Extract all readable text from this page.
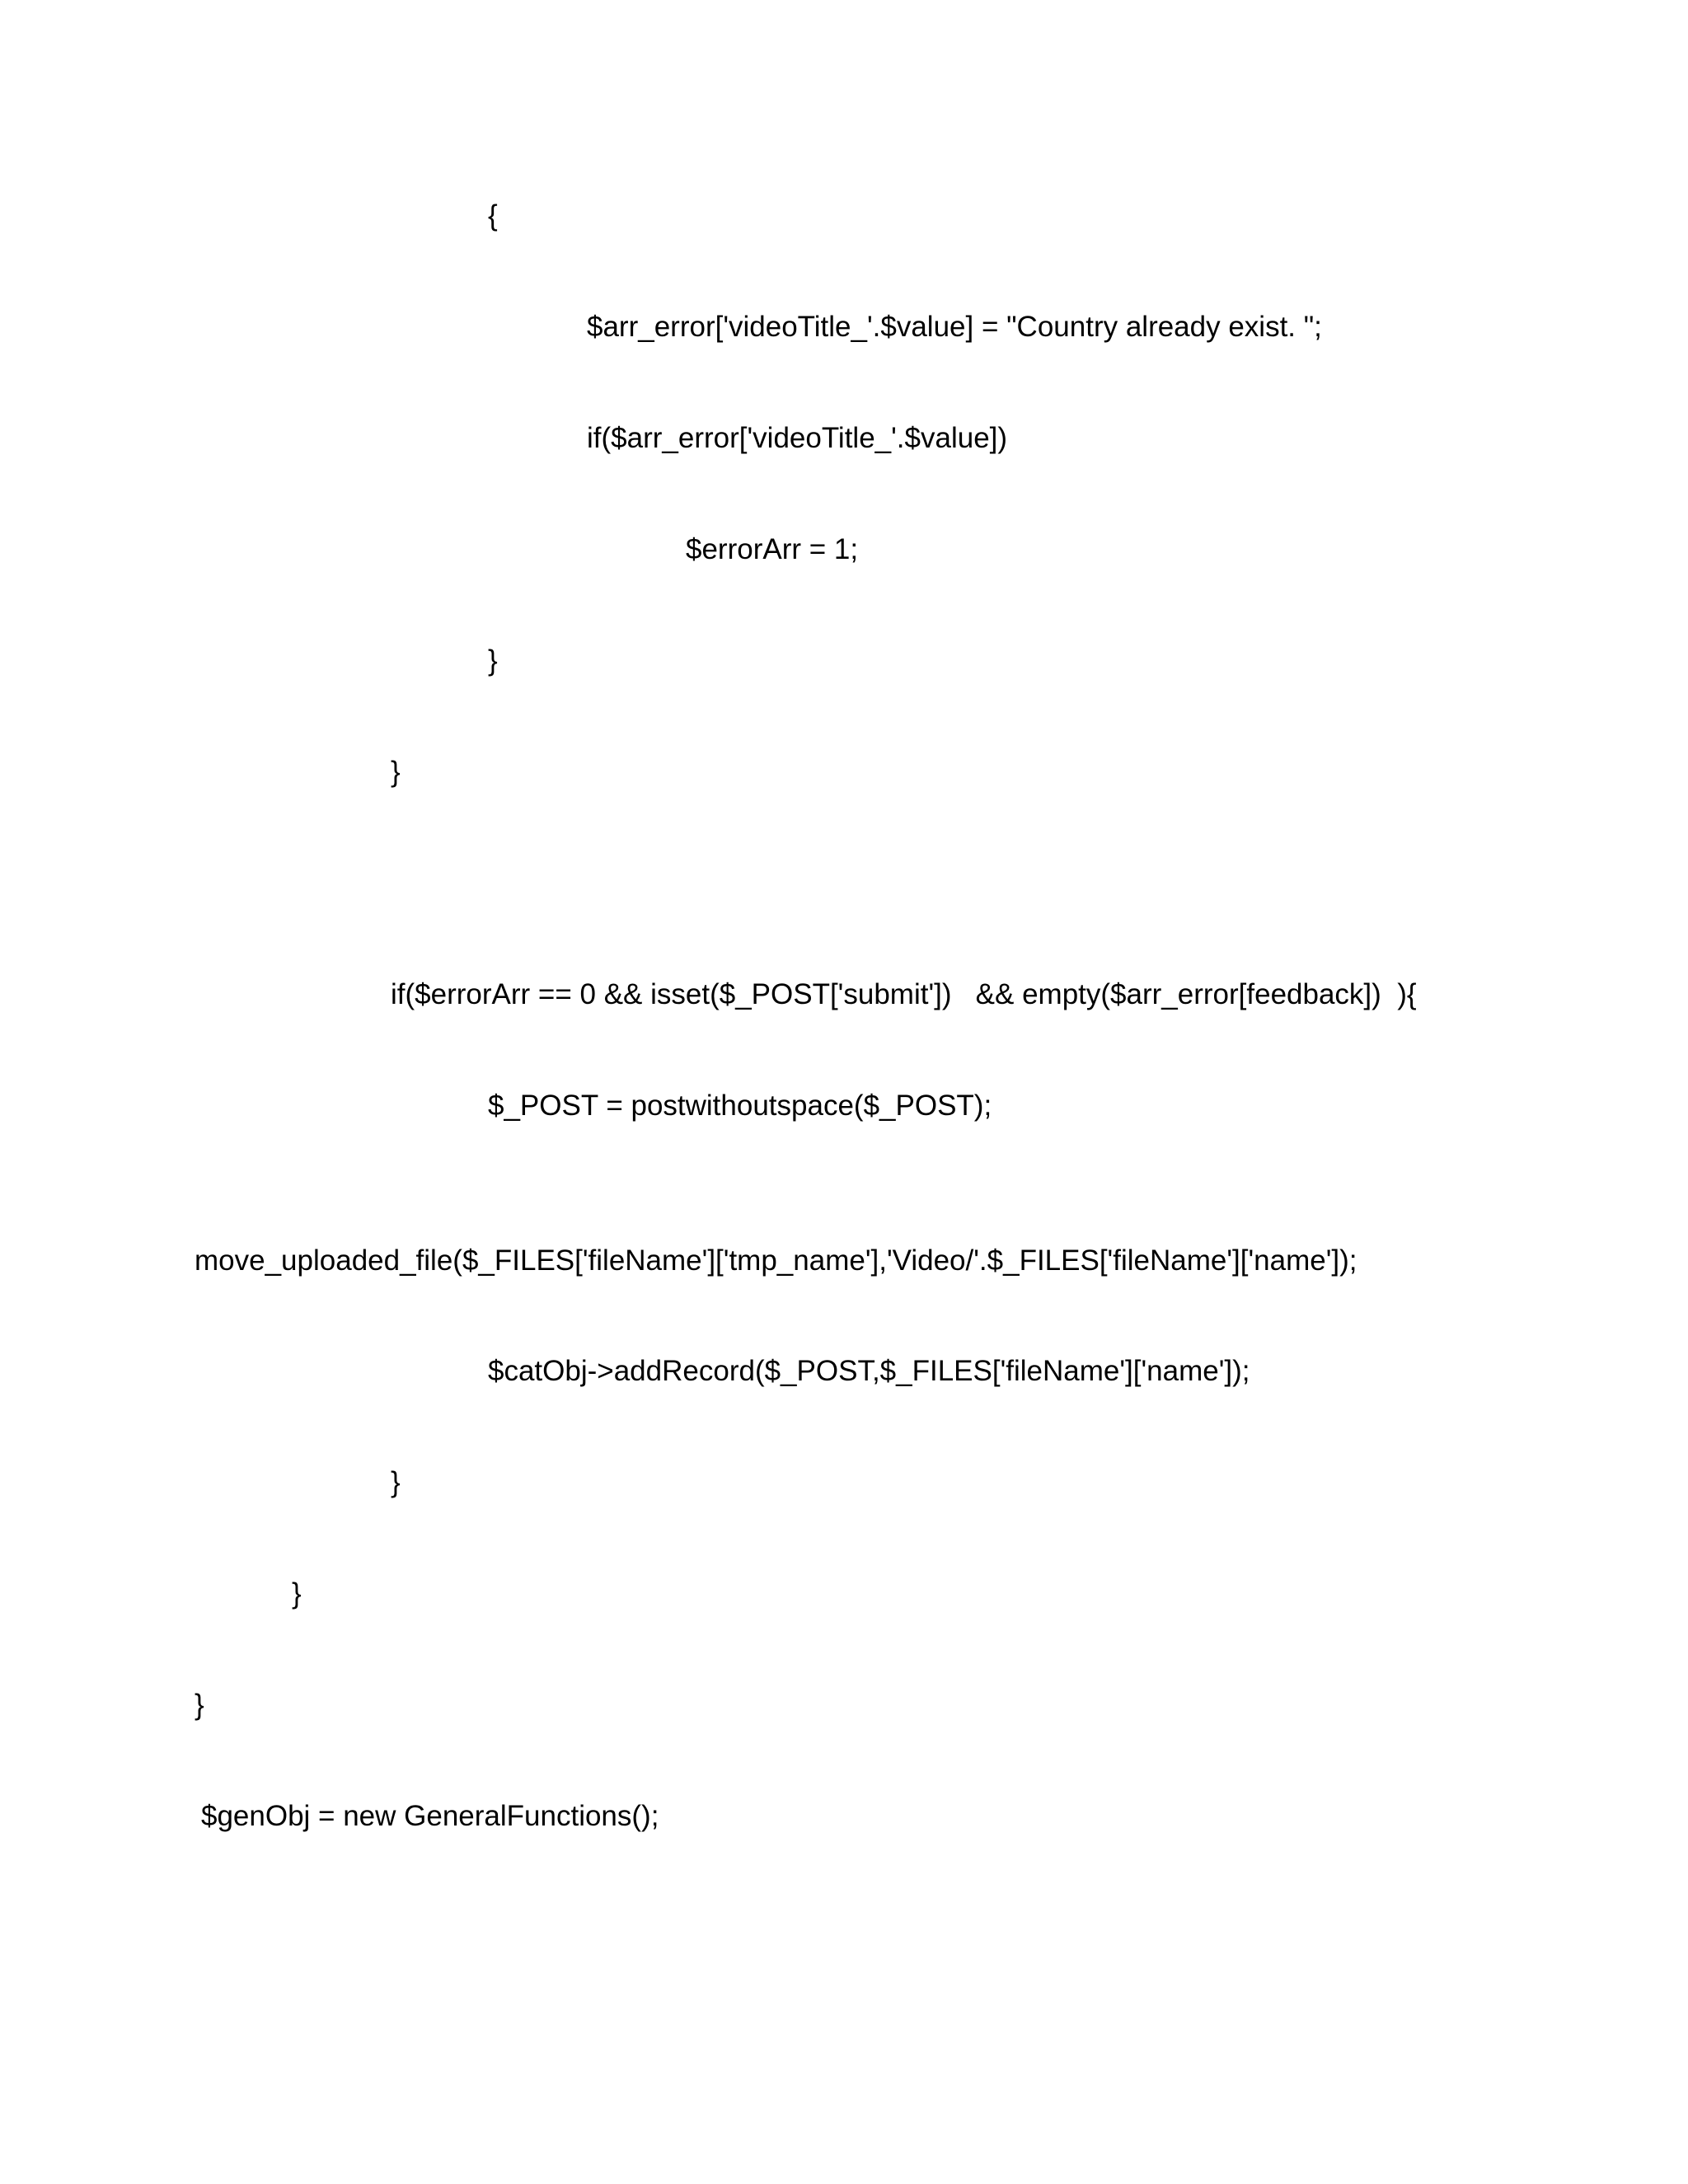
{

$arr_error['videoTitle_'.$value] = "Country already exist. ";

if($arr_error['videoTitle_'.$value])

$errorArr = 1;

}

}

if($errorArr == 0 && isset($_POST['submit'])   && empty($arr_error[feedback])  ){

$_POST = postwithoutspace($_POST);

move_uploaded_file($_FILES['fileName']['tmp_name'],'Video/'.$_FILES['fileName']['name']);

$catObj->addRecord($_POST,$_FILES['fileName']['name']);

}

}

}

$genObj = new GeneralFunctions();
